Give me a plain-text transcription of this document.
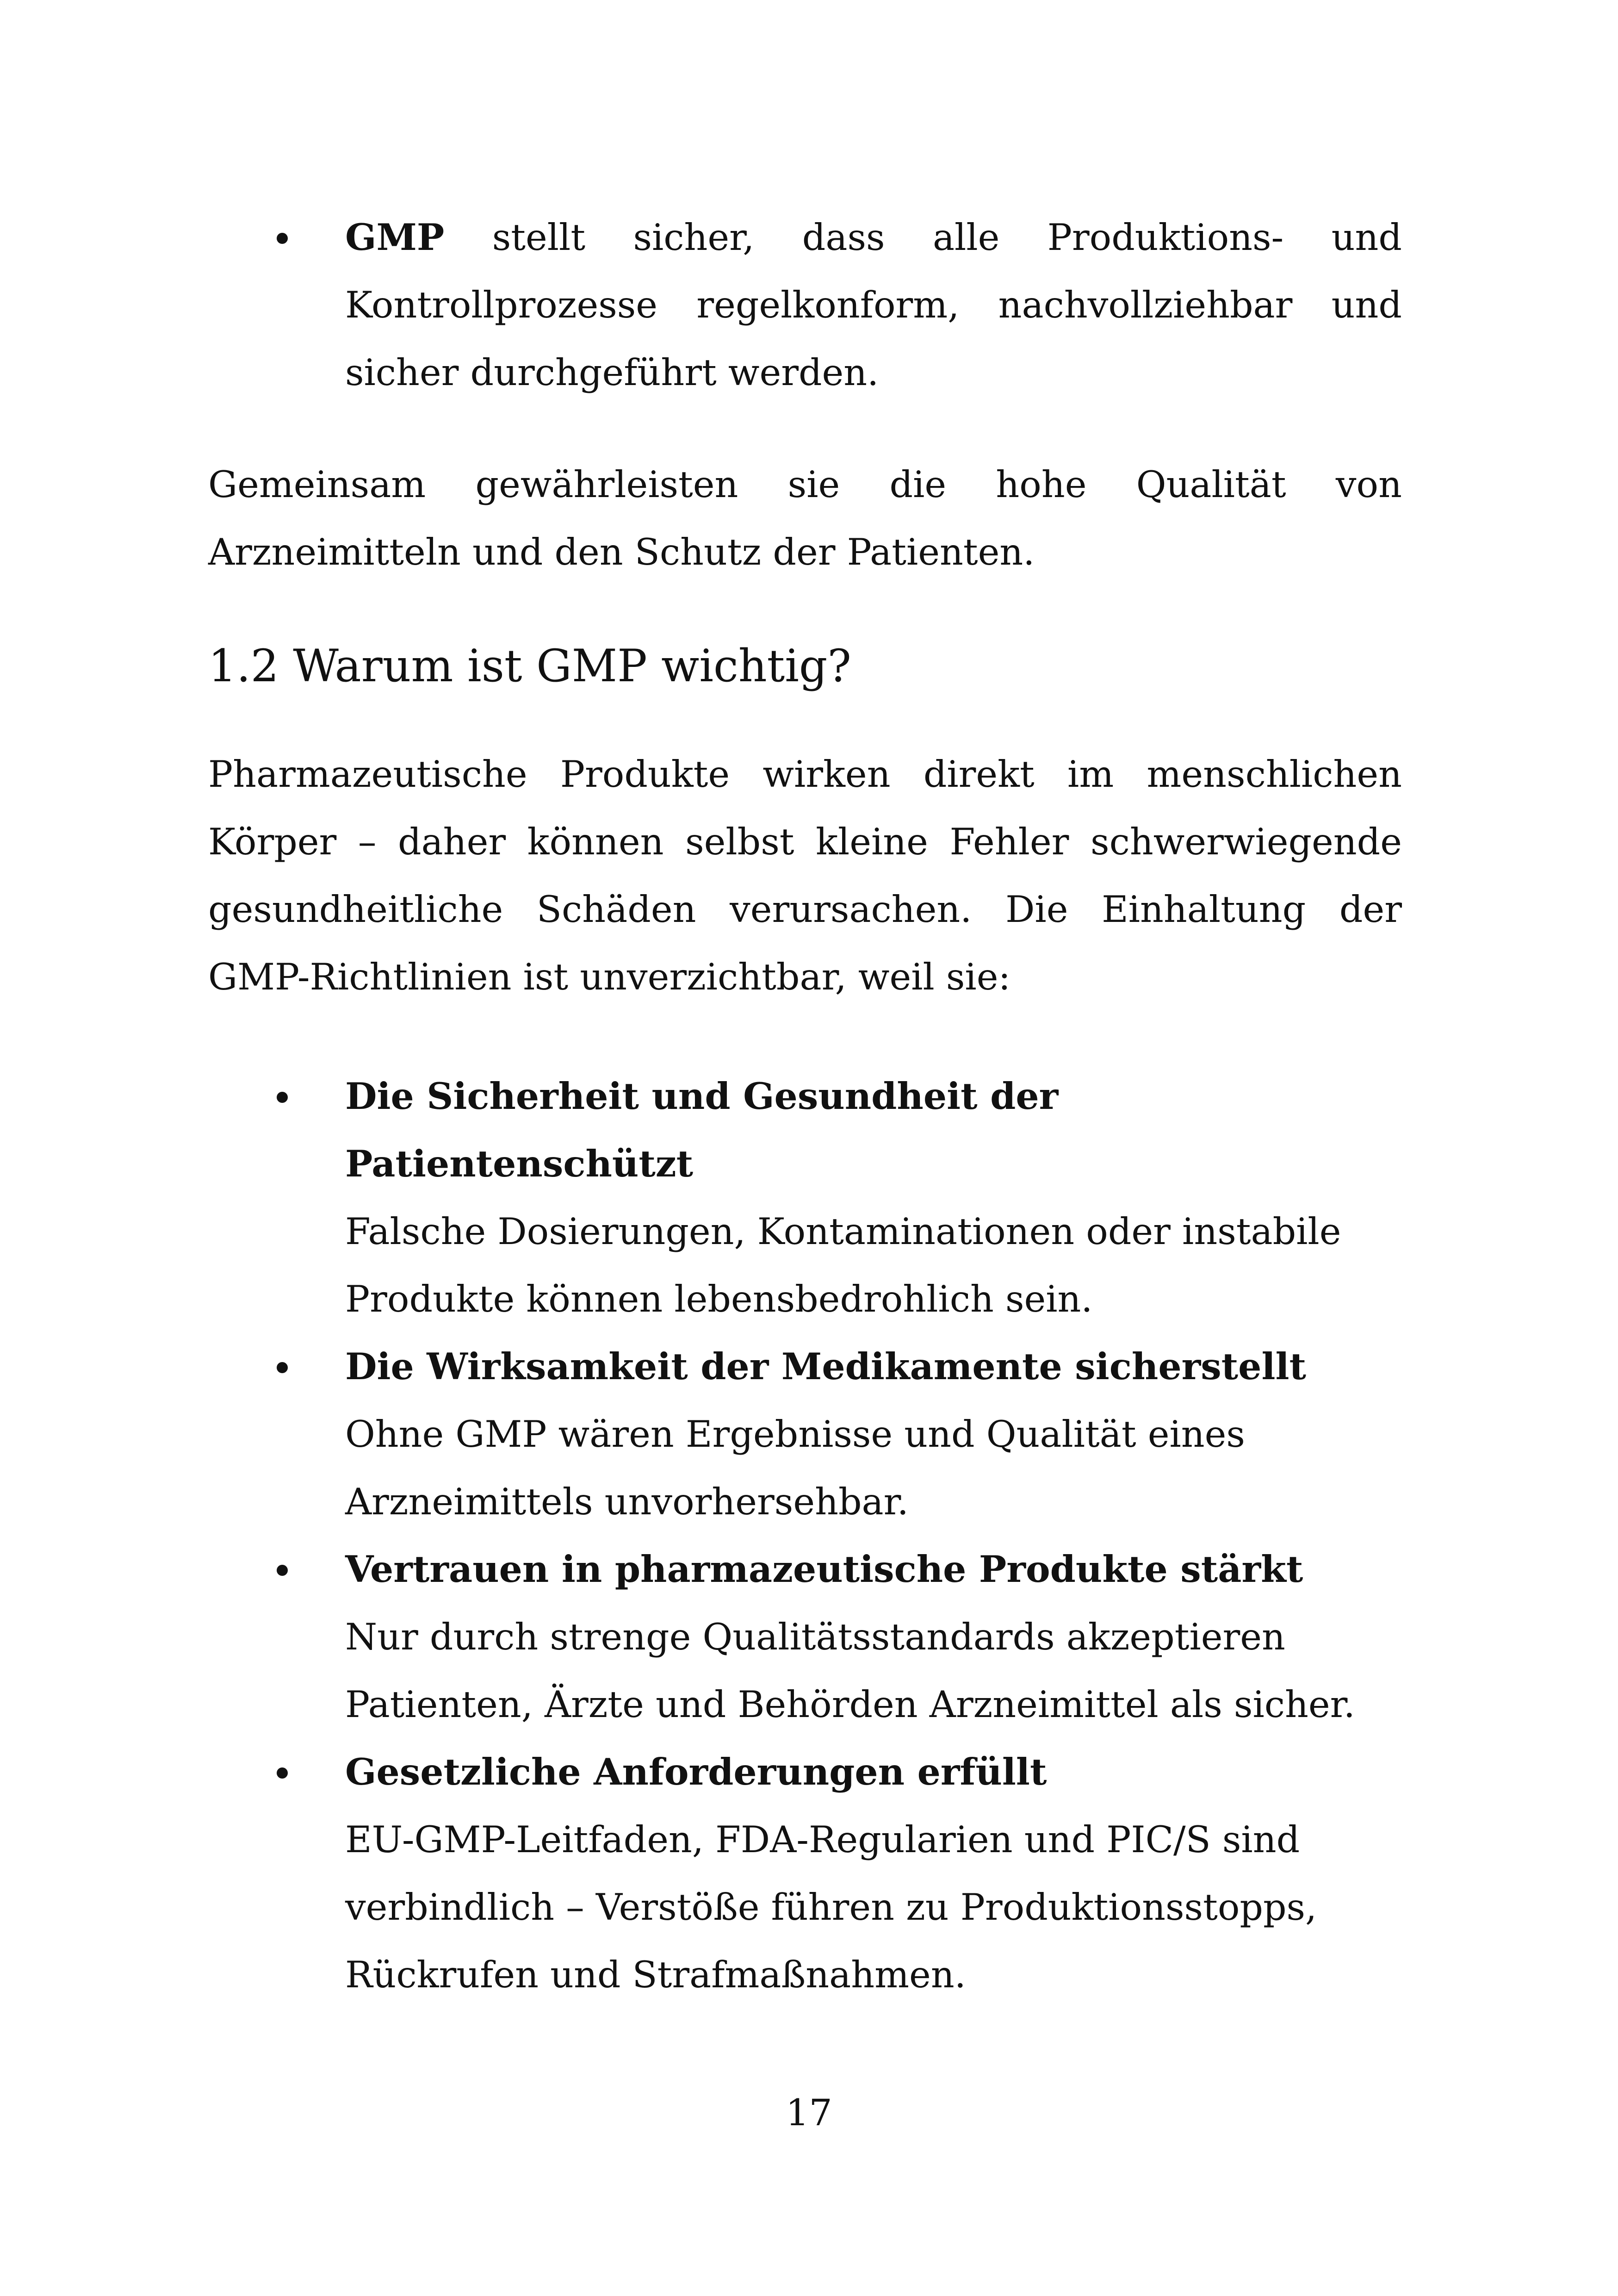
GMP stellt sicher, dass alle Produktions- und Kontrollprozesse regelkonform, nachvollziehbar und sicher durchgeführt werden.

Gemeinsam gewährleisten sie die hohe Qualität von Arzneimitteln und den Schutz der Patienten.

1.2 Warum ist GMP wichtig?

Pharmazeutische Produkte wirken direkt im menschlichen Körper – daher können selbst kleine Fehler schwerwiegende gesundheitliche Schäden verursachen. Die Einhaltung der GMP-Richtlinien ist unverzichtbar, weil sie:

Die Sicherheit und Gesundheit der Patientenschützt
Falsche Dosierungen, Kontaminationen oder instabile
Produkte können lebensbedrohlich sein.
Die Wirksamkeit der Medikamente sicherstellt
Ohne GMP wären Ergebnisse und Qualität eines
Arzneimittels unvorhersehbar.
Vertrauen in pharmazeutische Produkte stärkt
Nur durch strenge Qualitätsstandards akzeptieren
Patienten, Ärzte und Behörden Arzneimittel als sicher.
Gesetzliche Anforderungen erfüllt
EU-GMP-Leitfaden, FDA-Regularien und PIC/S sind
verbindlich – Verstöße führen zu Produktionsstopps,
Rückrufen und Strafmaßnahmen.
17
